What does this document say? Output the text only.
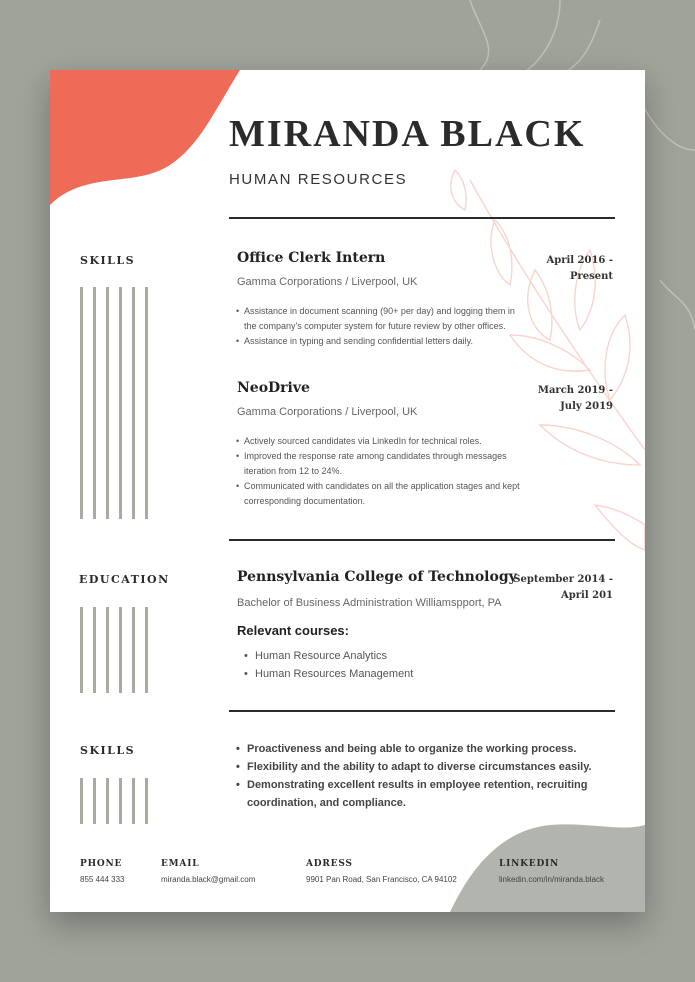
MIRANDA BLACK
HUMAN RESOURCES
SKILLS	Office Clerk Intern
Gamma Corporations / Liverpool, UK
April 2016 -
Present
• Assistance in document scanning (90+ per day) and logging them in the company's computer system for future review by other offices.
• Assistance in typing and sending confidential letters daily.
NeoDrive
Gamma Corporations / Liverpool, UK
March 2019 -
July 2019
• Actively sourced candidates via LinkedIn for technical roles.
• Improved the response rate among candidates through messages iteration from 12 to 24%.
• Communicated with candidates on all the application stages and kept corresponding documentation.
EDUCATION	Pennsylvania College of Technology
Bachelor of Business Administration Williamspport, PA
September 2014 -
April 201
Relevant courses:
• Human Resource Analytics
• Human Resources Management
SKILLS
•	Proactiveness and being able to organize the working process.
• Flexibility and the ability to adapt to diverse circumstances easily.
• Demonstrating excellent results in employee retention, recruiting coordination, and compliance.
PHONE
855 444 333
EMAIL
miranda.black@gmail.com
ADRESS
9901 Pan Road, San Francisco, CA 94102
LINKEDIN
linkedin.com/in/miranda.black
